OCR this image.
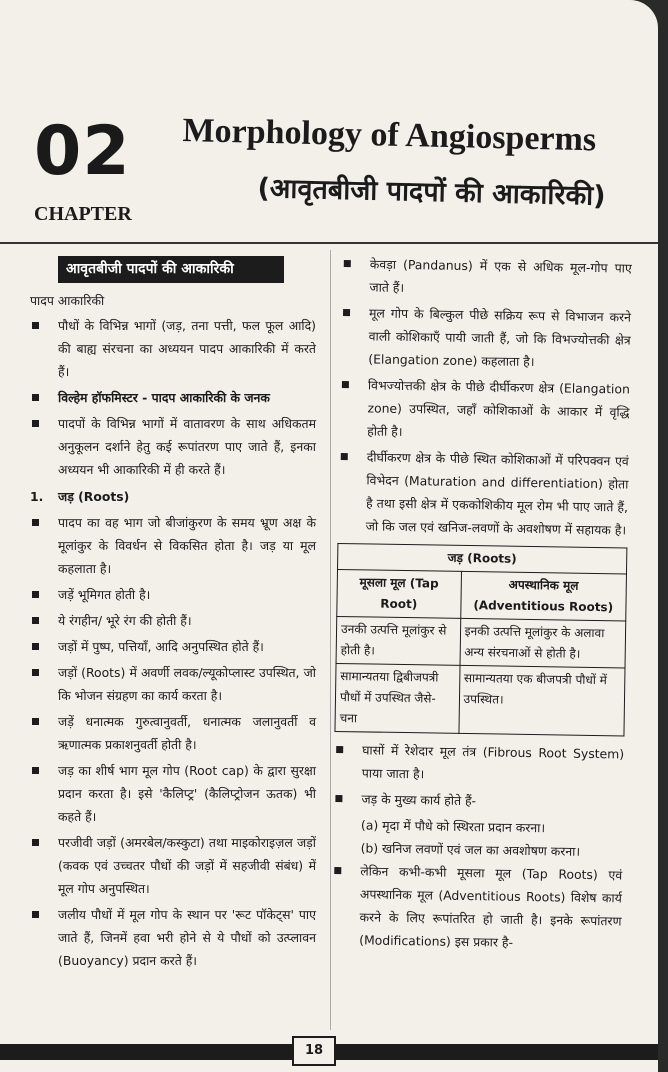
02
CHAPTER
Morphology of Angiosperms
(आवृतबीजी पादपों की आकारिकी)
आवृतबीजी पादपों की आकारिकी
पादप आकारिकी
पौधों के विभिन्न भागों (जड़, तना पत्ती, फल फूल आदि) की बाह्य संरचना का अध्ययन पादप आकारिकी में करते हैं।
विल्हेम हॉफमिस्टर - पादप आकारिकी के जनक
पादपों के विभिन्न भागों में वातावरण के साथ अधिकतम अनुकूलन दर्शाने हेतु कई रूपांतरण पाए जाते हैं, इनका अध्ययन भी आकारिकी में ही करते हैं।
1. जड़ (Roots)
पादप का वह भाग जो बीजांकुरण के समय भ्रूण अक्ष के मूलांकुर के विवर्धन से विकसित होता है। जड़ या मूल कहलाता है।
जड़ें भूमिगत होती है।
ये रंगहीन/ भूरे रंग की होती हैं।
जड़ों में पुष्प, पत्तियाँ, आदि अनुपस्थित होते हैं।
जड़ों (Roots) में अवर्णी लवक/ल्यूकोप्लास्ट उपस्थित, जो कि भोजन संग्रहण का कार्य करता है।
जड़ें धनात्मक गुरुत्वानुवर्ती, धनात्मक जलानुवर्ती व ऋणात्मक प्रकाशनुवर्ती होती है।
जड़ का शीर्ष भाग मूल गोप (Root cap) के द्वारा सुरक्षा प्रदान करता है। इसे 'कैलिप्ट्र' (कैलिप्ट्रोजन ऊतक) भी कहते हैं।
परजीवी जड़ों (अमरबेल/कस्कुटा) तथा माइकोराइज़ल जड़ों (कवक एवं उच्चतर पौधों की जड़ों में सहजीवी संबंध) में मूल गोप अनुपस्थित।
जलीय पौधों में मूल गोप के स्थान पर 'रूट पॉकेट्स' पाए जाते हैं, जिनमें हवा भरी होने से ये पौधों को उत्प्लावन (Buoyancy) प्रदान करते हैं।
केवड़ा (Pandanus) में एक से अधिक मूल-गोप पाए जाते हैं।
मूल गोप के बिल्कुल पीछे सक्रिय रूप से विभाजन करने वाली कोशिकाएँ पायी जाती हैं, जो कि विभज्योत्तकी क्षेत्र (Elangation zone) कहलाता है।
विभज्योत्तकी क्षेत्र के पीछे दीर्घीकरण क्षेत्र (Elangation zone) उपस्थित, जहाँ कोशिकाओं के आकार में वृद्धि होती है।
दीर्घीकरण क्षेत्र के पीछे स्थित कोशिकाओं में परिपक्वन एवं विभेदन (Maturation and differentiation) होता है तथा इसी क्षेत्र में एककोशिकीय मूल रोम भी पाए जाते हैं, जो कि जल एवं खनिज-लवणों के अवशोषण में सहायक है।
जड़ (Roots)	
मूसला मूल (Tap Root)	अपस्थानिक मूल (Adventitious Roots)
उनकी उत्पत्ति मूलांकुर से होती है।	इनकी उत्पत्ति मूलांकुर के अलावा अन्य संरचनाओं से होती है।
सामान्यतया द्विबीजपत्री पौधों में उपस्थित जैसे- चना	सामान्यतया एक बीजपत्री पौधों में उपस्थित।
घासों में रेशेदार मूल तंत्र (Fibrous Root System) पाया जाता है।
जड़ के मुख्य कार्य होते हैं-
(a) मृदा में पौधे को स्थिरता प्रदान करना।
(b) खनिज लवणों एवं जल का अवशोषण करना।
लेकिन कभी-कभी मूसला मूल (Tap Roots) एवं अपस्थानिक मूल (Adventitious Roots) विशेष कार्य करने के लिए रूपांतरित हो जाती है। इनके रूपांतरण (Modifications) इस प्रकार है-
18
